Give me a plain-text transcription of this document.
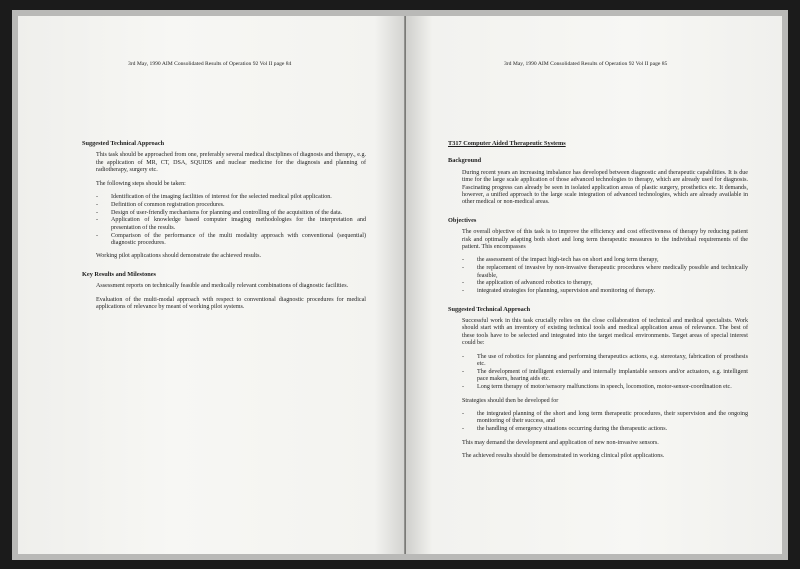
3rd May, 1990 AIM Consolidated Results of Operation 92 Vol II page 84
Suggested Technical Approach

This task should be approached from one, preferably several medical disciplines of diagnosis and therapy., e.g. the application of MR, CT, DSA, SQUIDS and nuclear medicine for the diagnosis and planning of radiotherapy, surgery etc.

The following steps should be taken:

- Identification of the imaging facilities of interest for the selected medical pilot application.
- Definition of common registration procedures.
- Design of user-friendly mechanisms for planning and controlling of the acquisition of the data.
- Application of knowledge based computer imaging methodologies for the interpretation and presentation of the results.
- Comparison of the performance of the multi modality approach with conventional (sequential) diagnostic procedures.

Working pilot applications should demonstrate the achieved results.

Key Results and Milestones

Assessment reports on technically feasible and medically relevant combinations of diagnostic facilities.

Evaluation of the multi-modal approach with respect to conventional diagnostic procedures for medical applications of relevance by meant of working pilot systems.

3rd May, 1990 AIM Consolidated Results of Operation 92 Vol II page 85
T317 Computer Aided Therapeutic Systems
Background

During recent years an increasing imbalance has developed between diagnostic and therapeutic capabilities. It is due time for the large scale application of those advanced technologies to therapy, which are already used for diagnosis. Fascinating progress can already be seen in isolated application areas of plastic surgery, prosthetics etc. It demands, however, a unified approach to the large scale integration of advanced technologies, which are already available in other medical or non-medical areas.

Objectives

The overall objective of this task is to improve the efficiency and cost effectiveness of therapy by reducing patient risk and optimally adapting both short and long term therapeutic measures to the individual requirements of the patient. This encompasses

- the assessment of the impact high-tech has on short and long term therapy,
- the replacement of invasive by non-invasive therapeutic procedures where medically possible and technically feasible,
- the application of advanced robotics to therapy,
- integrated strategies for planning, supervision and monitoring of therapy.
Suggested Technical Approach

Successful work in this task crucially relies on the close collaboration of technical and medical specialists. Work should start with an inventory of existing technical tools and medical application areas of relevance. The best of these tools have to be selected and integrated into the target medical environments. Target areas of special interest could be:

- The use of robotics for planning and performing therapeutics actions, e.g. stereotaxy, fabrication of prosthesis etc.
- The development of intelligent externally and internally implantable sensors and/or actuators, e.g. intelligent pace makers, hearing aids etc.
- Long term therapy of motor/sensory malfunctions in speech, locomotion, motor-sensor-coordination etc.

Strategies should then be developed for

- the integrated planning of the short and long term therapeutic procedures, their supervision and the ongoing monitoring of their success, and
- the handling of emergency situations occurring during the therapeutic actions.

This may demand the development and application of new non-invasive sensors.

The achieved results should be demonstrated in working clinical pilot applications.
